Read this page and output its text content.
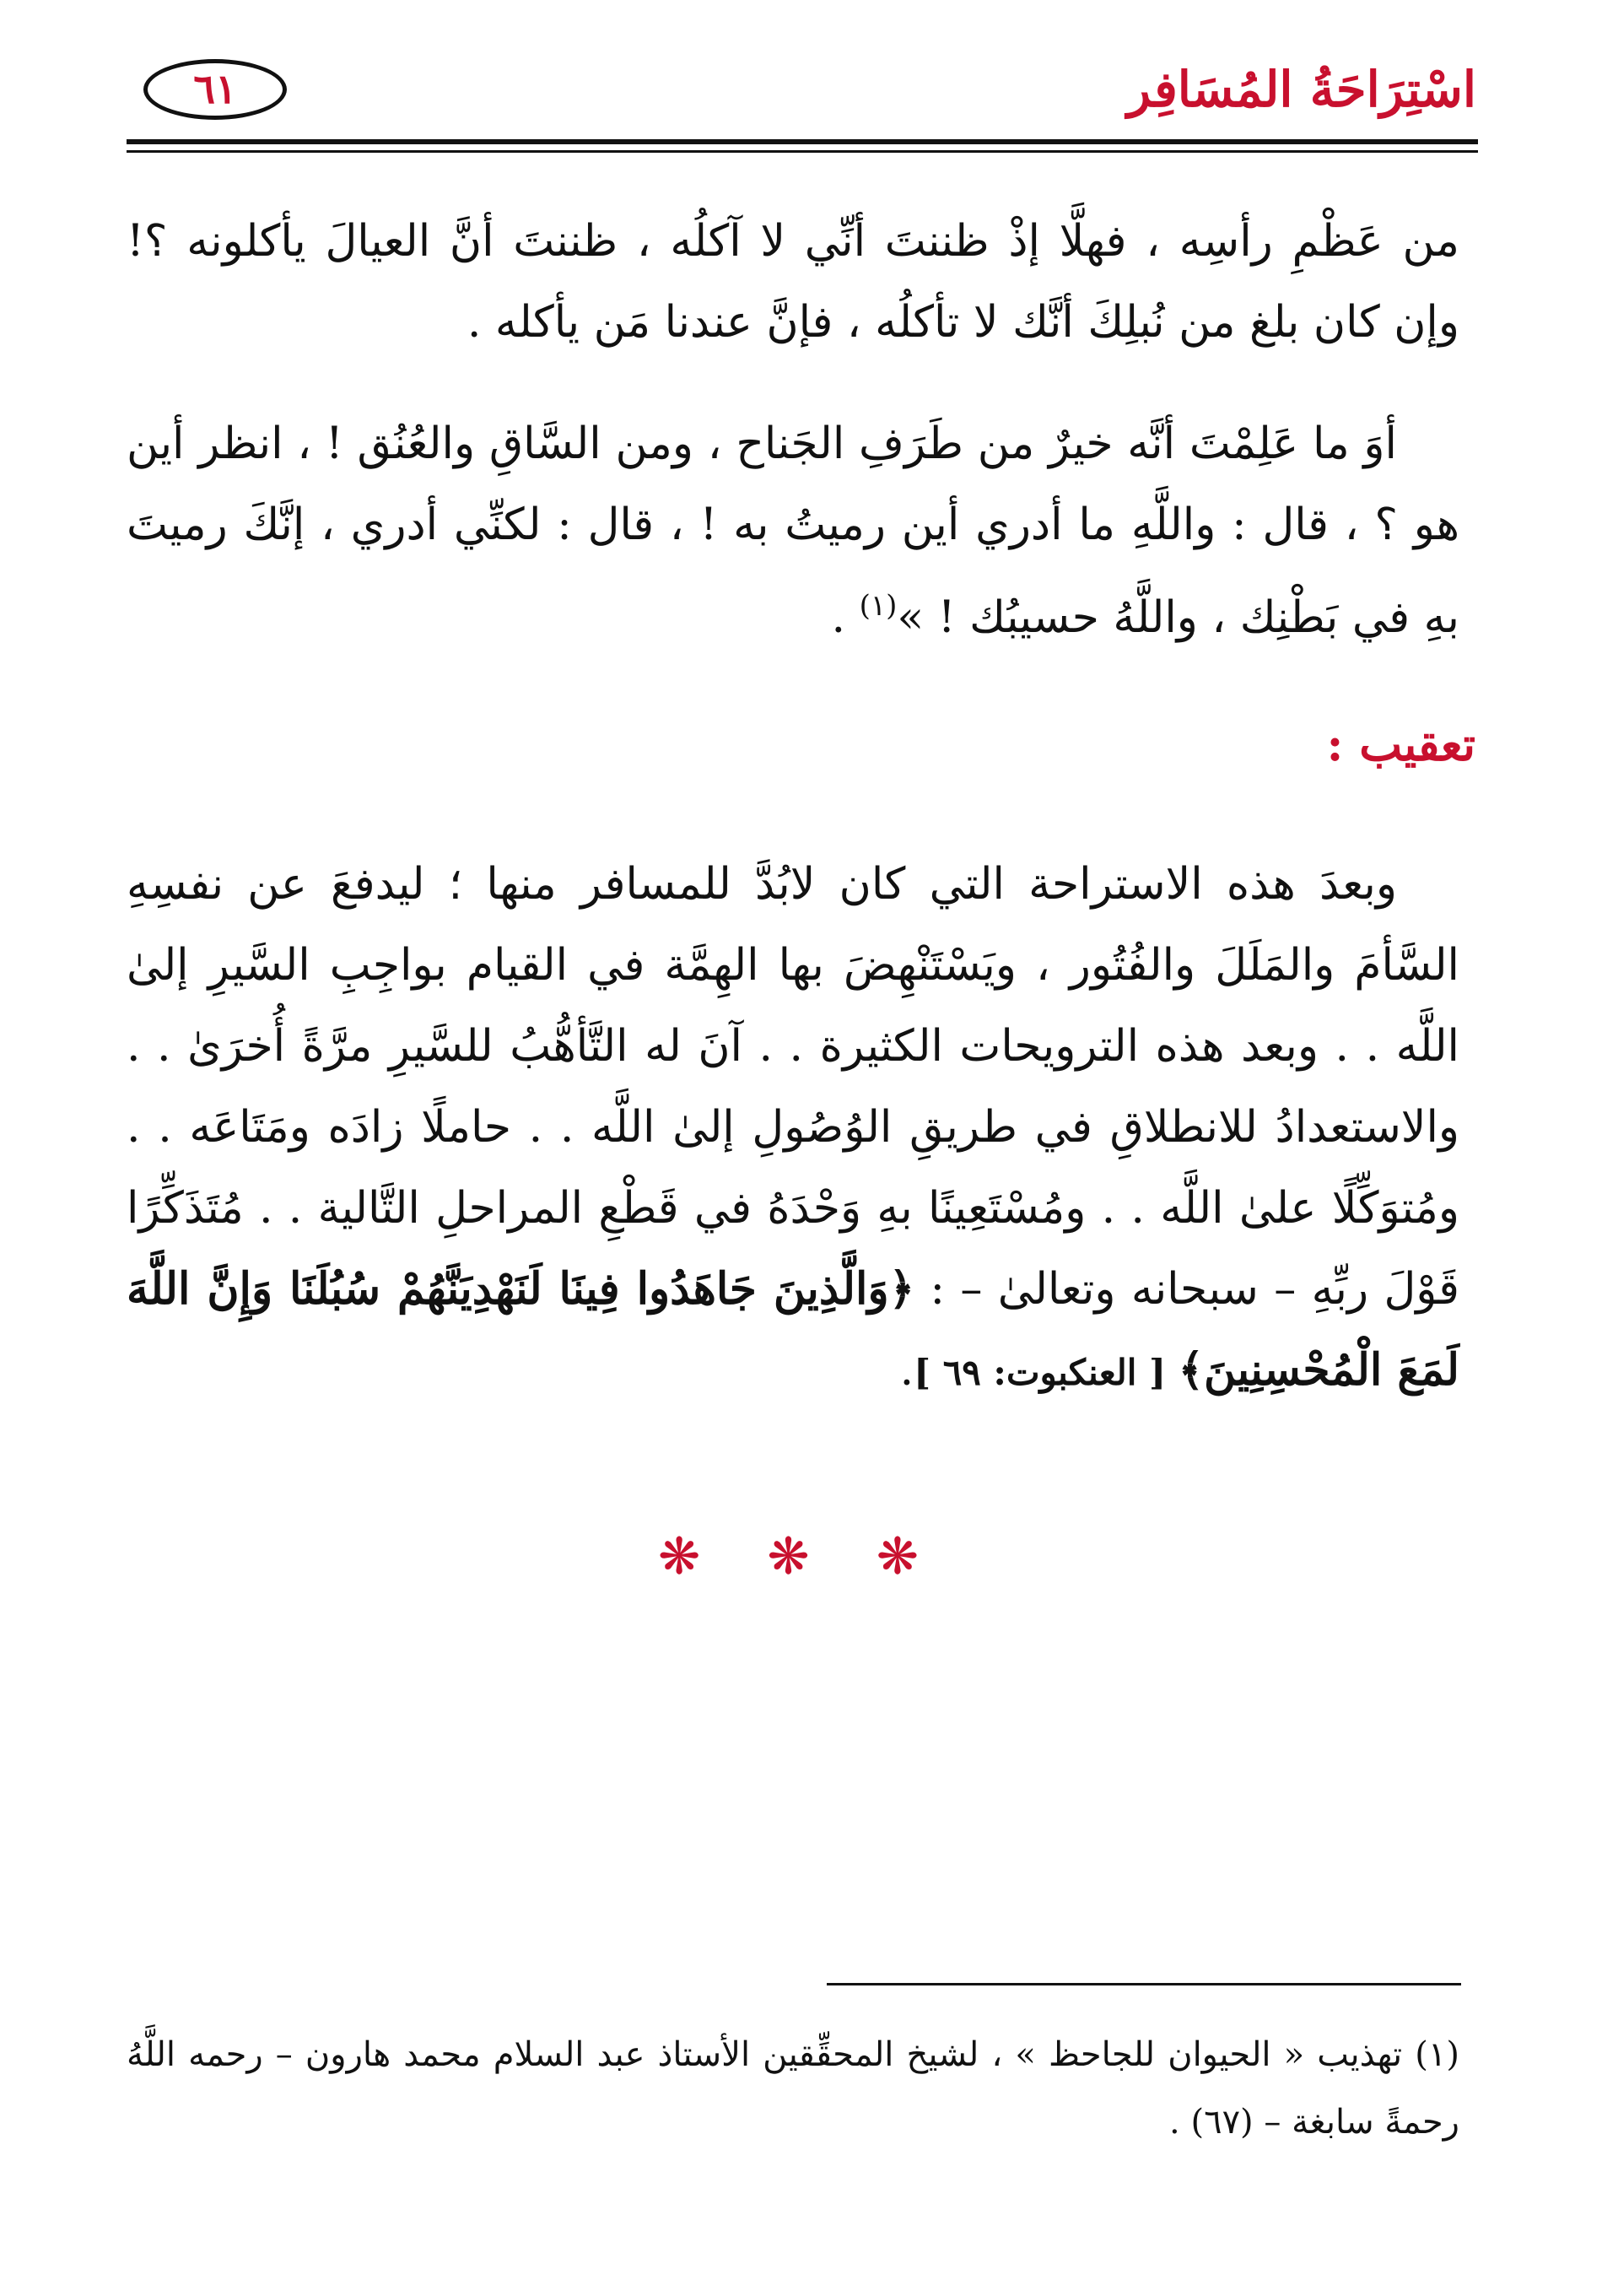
اسْتِرَاحَةُ المُسَافِر
٦١
من عَظْمِ رأسِه ، فهلَّا إذْ ظننتَ أنِّي لا آكلُه ، ظننتَ أنَّ العيالَ يأكلونه ؟! وإن كان بلغ من نُبلِكَ أنَّك لا تأكلُه ، فإنَّ عندنا مَن يأكله .
أوَ ما عَلِمْتَ أنَّه خيرٌ من طَرَفِ الجَناح ، ومن السَّاقِ والعُنُق ! ، انظر أين هو ؟ ، قال : واللَّهِ ما أدري أين رميتُ به ! ، قال : لكنِّي أدري ، إنَّكَ رميتَ بهِ في بَطْنِك ، واللَّهُ حسيبُك ! »$^{(١)}$ .
تعقيب :
وبعدَ هذه الاستراحة التي كان لابُدَّ للمسافر منها ؛ ليدفعَ عن نفسِهِ السَّأمَ والمَلَلَ والفُتُور ، ويَسْتَنْهِضَ بها الهِمَّة في القيام بواجِبِ السَّيرِ إلىٰ اللَّه . . وبعد هذه الترويحات الكثيرة . . آنَ له التَّأهُّبُ للسَّيرِ مرَّةً أُخرَىٰ . . والاستعدادُ للانطلاقِ في طريقِ الوُصُولِ إلىٰ اللَّه . . حاملًا زادَه ومَتَاعَه . . ومُتوَكِّلًا علىٰ اللَّه . . ومُسْتَعِينًا بهِ وَحْدَهُ في قَطْعِ المراحلِ التَّالية . . مُتَذَكِّرًا قَوْلَ ربِّهِ – سبحانه وتعالىٰ – : ﴿وَالَّذِينَ جَاهَدُوا فِينَا لَنَهْدِيَنَّهُمْ سُبُلَنَا وَإِنَّ اللَّهَ لَمَعَ الْمُحْسِنِينَ﴾ [ العنكبوت: ٦٩ ].
❋ ❋ ❋
(١) تهذيب « الحيوان للجاحظ » ، لشيخ المحقِّقين الأستاذ عبد السلام محمد هارون – رحمه اللَّهُ رحمةً سابغة – (٦٧) .
